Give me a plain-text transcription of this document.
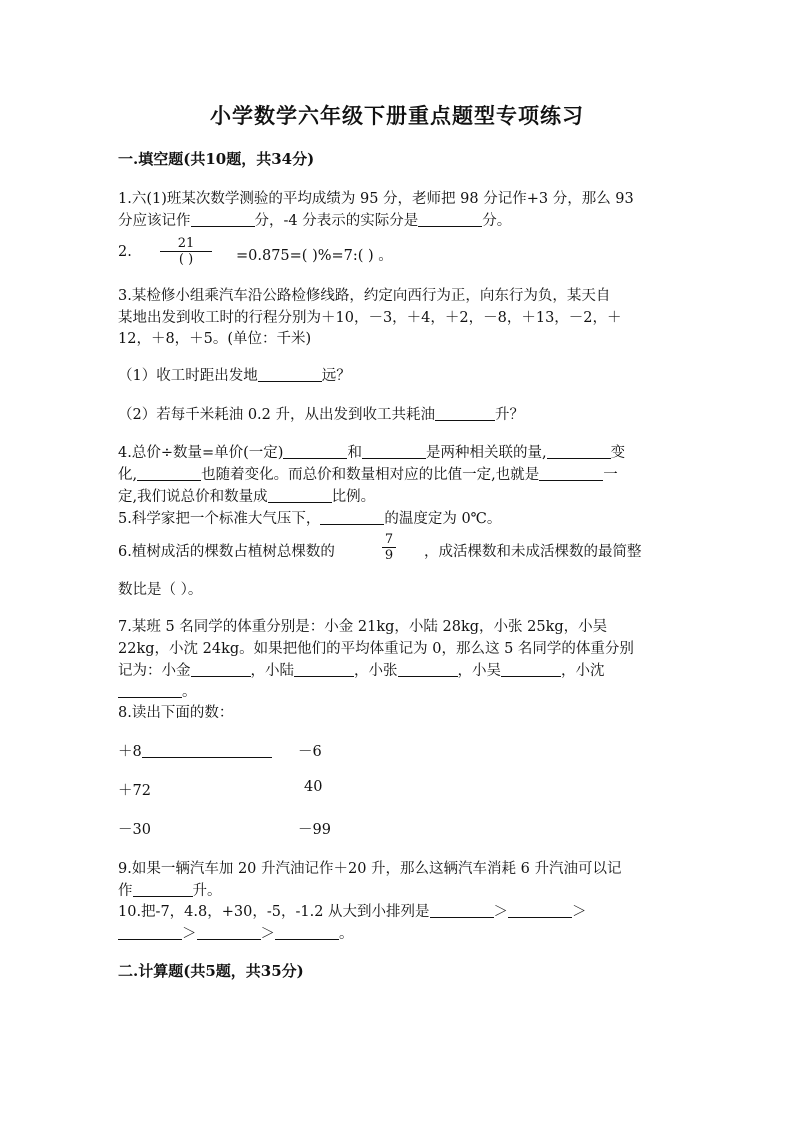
小学数学六年级下册重点题型专项练习
一.填空题(共10题，共34分)
1.六(1)班某次数学测验的平均成绩为 95 分，老师把 98 分记作+3 分，那么 93
分应该记作	分，-4 分表示的实际分是	分。
2.
21
( )	=0.875=( )%=7:( ) 。
3.某检修小组乘汽车沿公路检修线路，约定向西行为正，向东行为负，某天自
某地出发到收工时的行程分别为＋10，－3，＋4，＋2，－8，＋13，－2，＋
12，＋8，＋5。(单位：千米)
（1）收工时距出发地	远？
（2）若每千米耗油 0.2 升，从出发到收工共耗油	升？
4.总价÷数量=单价(一定)	和	是两种相关联的量,	变
化,	也随着变化。而总价和数量相对应的比值一定,也就是	一
定,我们说总价和数量成	比例。
5.科学家把一个标准大气压下，	的温度定为 0℃。
6.植树成活的棵数占植树总棵数的
7
9 ，成活棵数和未成活棵数的最简整
数比是（ ）。
7.某班 5 名同学的体重分别是：小金 21kg，小陆 28kg，小张 25kg，小吴
22kg，小沈 24kg。如果把他们的平均体重记为 0，那么这 5 名同学的体重分别
记为：小金	，小陆	，小张	，小吴	，小沈
。
8.读出下面的数：
＋8	－6
＋72	40
－30	－99
9.如果一辆汽车加 20 升汽油记作＋20 升，那么这辆汽车消耗 6 升汽油可以记
作	升。
10.把-7，4.8，+30，-5，-1.2 从大到小排列是	＞	＞
＞	＞	。
二.计算题(共5题，共35分)
